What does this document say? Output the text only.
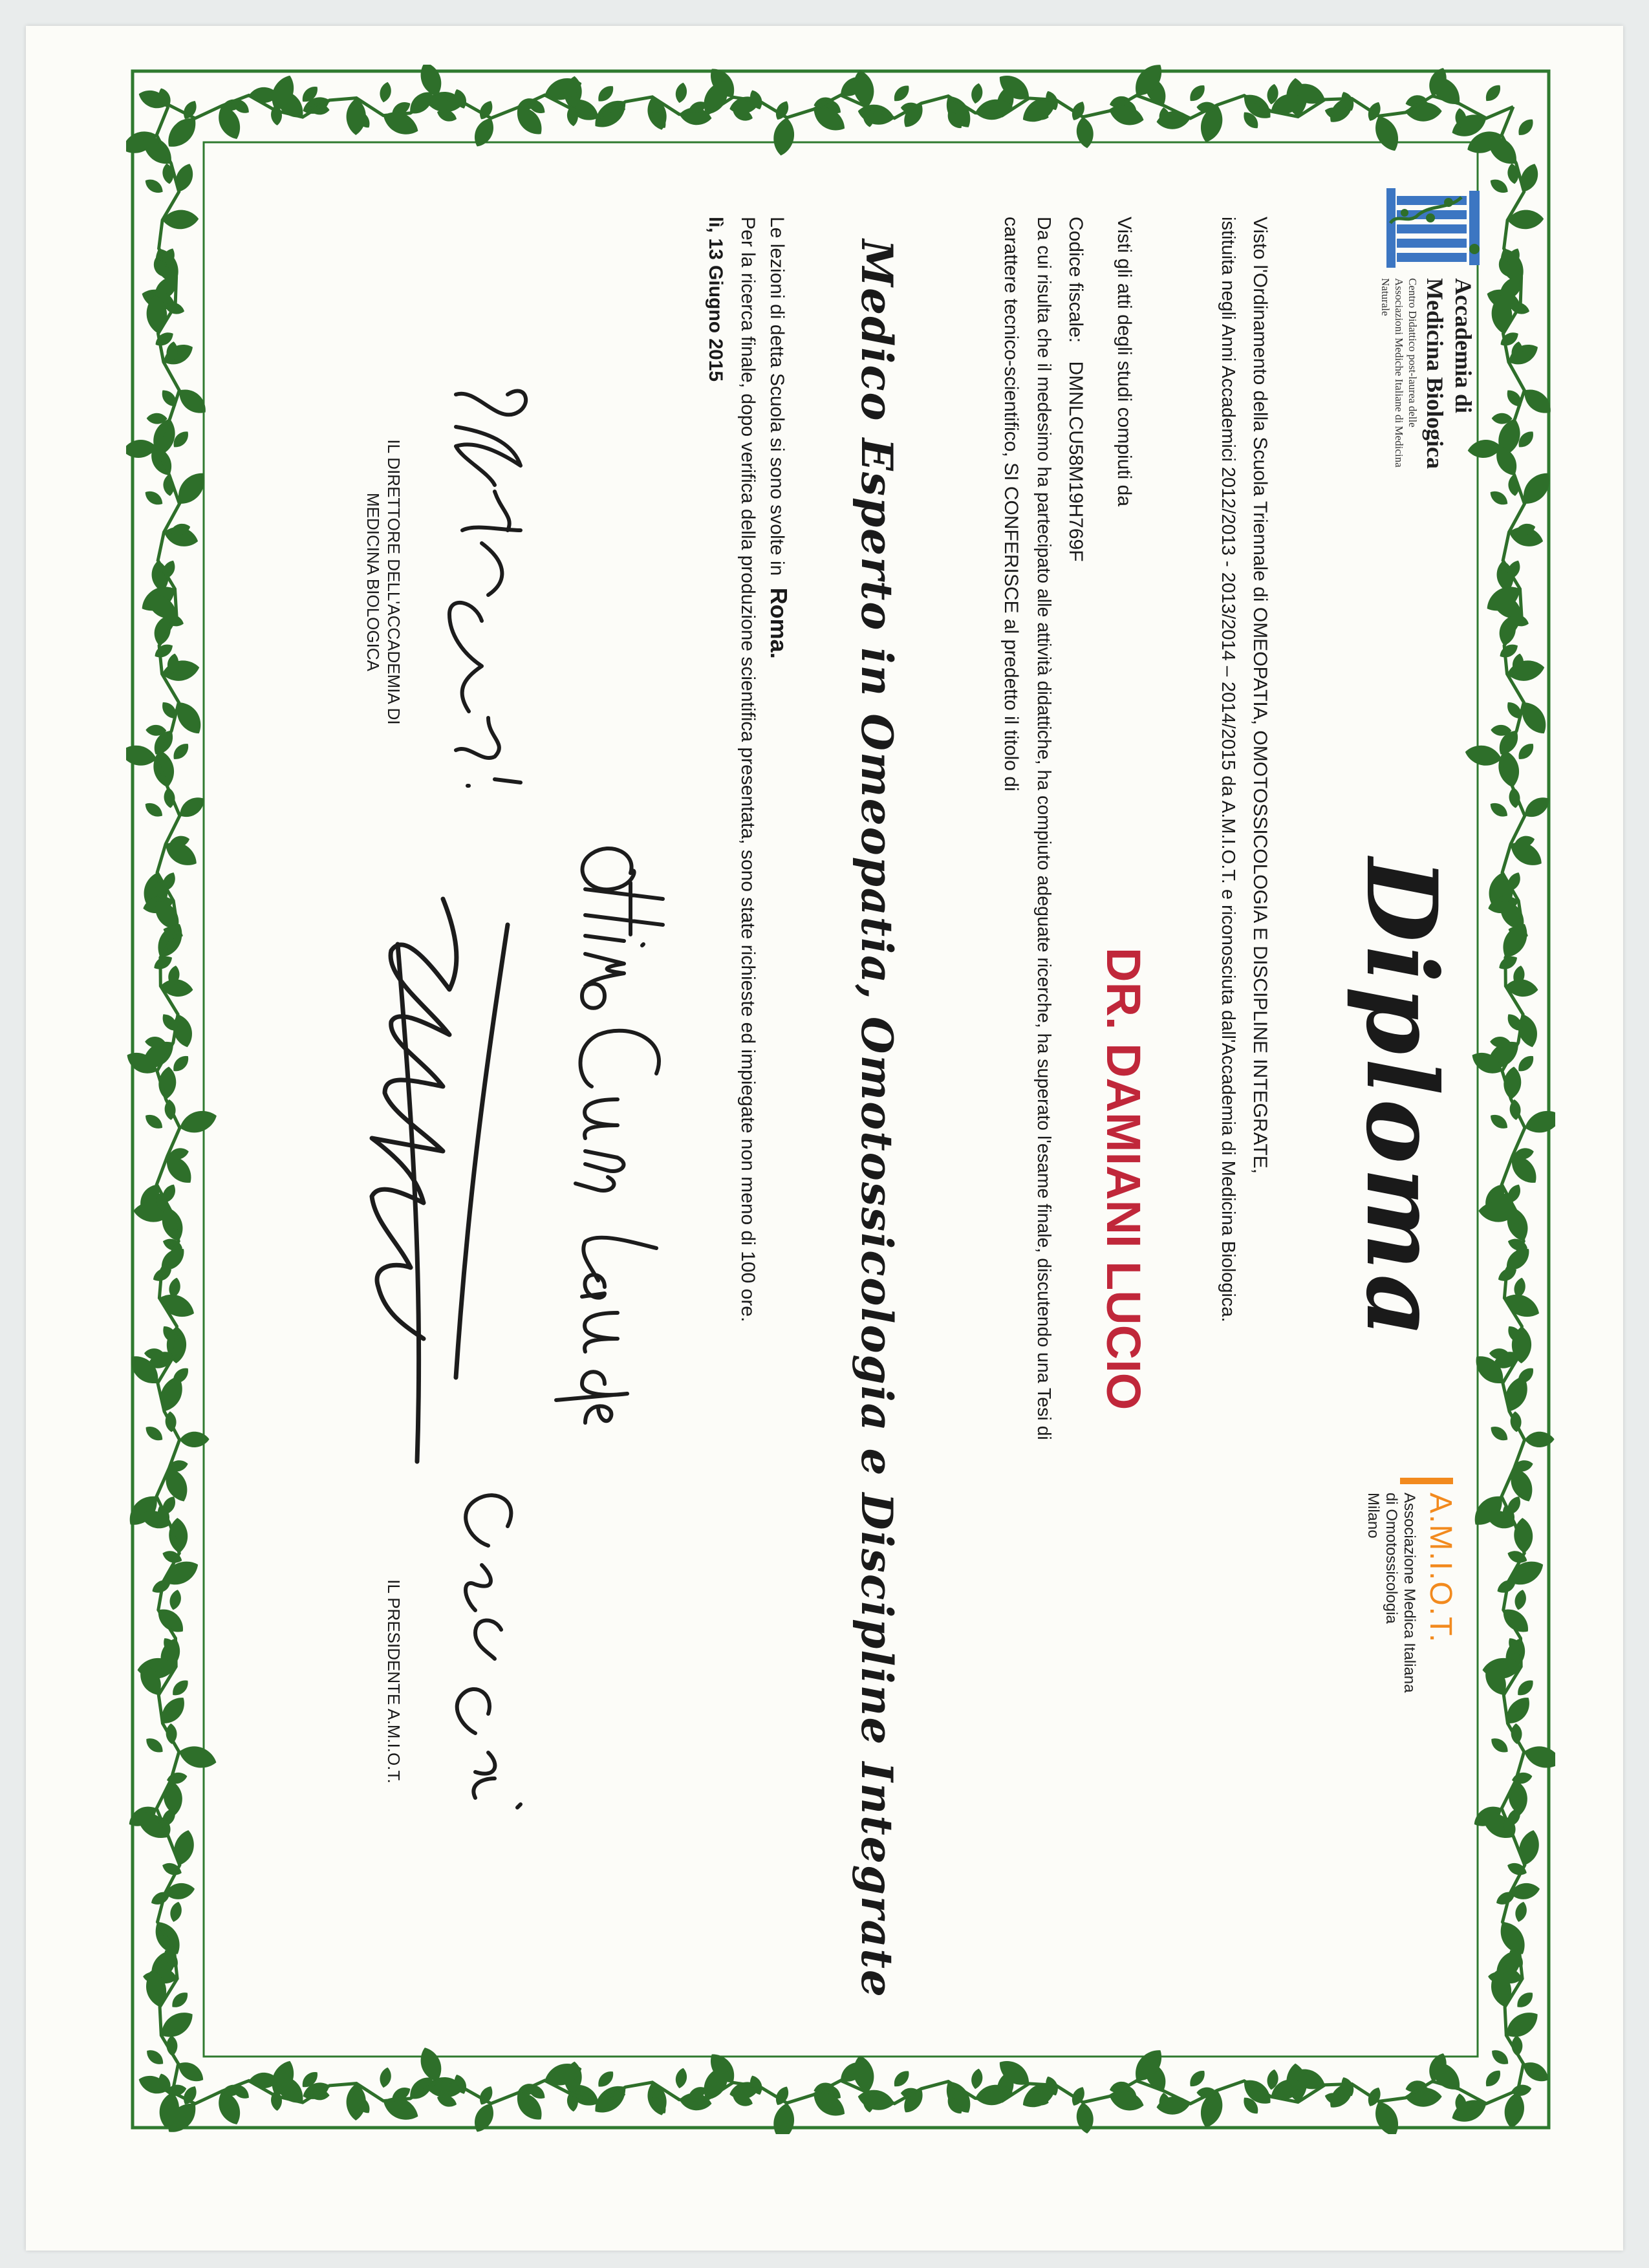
Accademia di Medicina Biologica
Centro Didattico post-laurea delle Associazioni Mediche Italiane di Medicina Naturale
A.M.I.O.T.
Associazione Medica Italiana
di Omotossicologia
Milano
Diploma
Visto l'Ordinamento della Scuola Triennale di OMEOPATIA, OMOTOSSICOLOGIA E DISCIPLINE INTEGRATE,
istituita negli Anni Accademici 2012/2013 - 2013/2014 – 2014/2015 da A.M.I.O.T. e riconosciuta dall'Accademia di Medicina Biologica.
Visti gli atti degli studi compiuti da
DR. DAMIANI LUCIO
Codice fiscale: DMNLCU58M19H769F
Da cui risulta che il medesimo ha partecipato alle attività didattiche, ha compiuto adeguate ricerche, ha superato l'esame finale, discutendo una Tesi di
carattere tecnico-scientifico, SI CONFERISCE al predetto il titolo di
Medico Esperto in Omeopatia, Omotossicologia e Discipline Integrate
Le lezioni di detta Scuola si sono svolte in Roma.
Per la ricerca finale, dopo verifica della produzione scientifica presentata, sono state richieste ed impiegate non meno di 100 ore.
lì, 13 Giugno 2015
IL DIRETTORE DELL'ACCADEMIA DI MEDICINA BIOLOGICA
IL PRESIDENTE A.M.I.O.T.
